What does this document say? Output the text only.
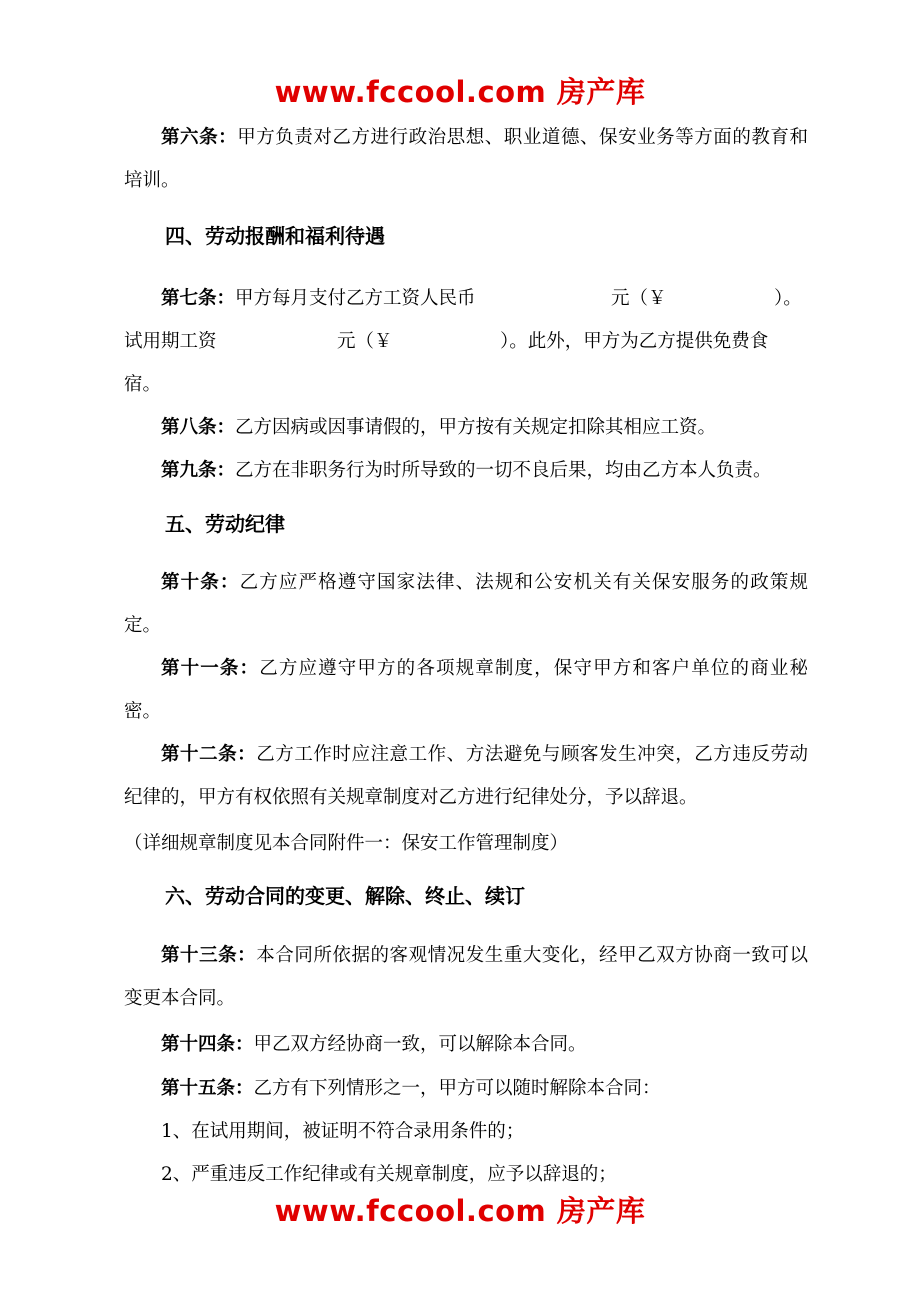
www.fccool.com 房产库
第六条：甲方负责对乙方进行政治思想、职业道德、保安业务等方面的教育和培训。
四、劳动报酬和福利待遇
第七条：甲方每月支付乙方工资人民币	元（￥	）。
试用期工资	元（￥	）。此外，甲方为乙方提供免费食
宿。
第八条：乙方因病或因事请假的，甲方按有关规定扣除其相应工资。
第九条：乙方在非职务行为时所导致的一切不良后果，均由乙方本人负责。
五、劳动纪律
第十条：乙方应严格遵守国家法律、法规和公安机关有关保安服务的政策规定。
第十一条：乙方应遵守甲方的各项规章制度，保守甲方和客户单位的商业秘密。
第十二条：乙方工作时应注意工作、方法避免与顾客发生冲突，乙方违反劳动纪律的，甲方有权依照有关规章制度对乙方进行纪律处分，予以辞退。
（详细规章制度见本合同附件一：保安工作管理制度）
六、劳动合同的变更、解除、终止、续订
第十三条：本合同所依据的客观情况发生重大变化，经甲乙双方协商一致可以变更本合同。
第十四条：甲乙双方经协商一致，可以解除本合同。
第十五条：乙方有下列情形之一，甲方可以随时解除本合同：
1、在试用期间，被证明不符合录用条件的；
2、严重违反工作纪律或有关规章制度，应予以辞退的；
www.fccool.com 房产库
